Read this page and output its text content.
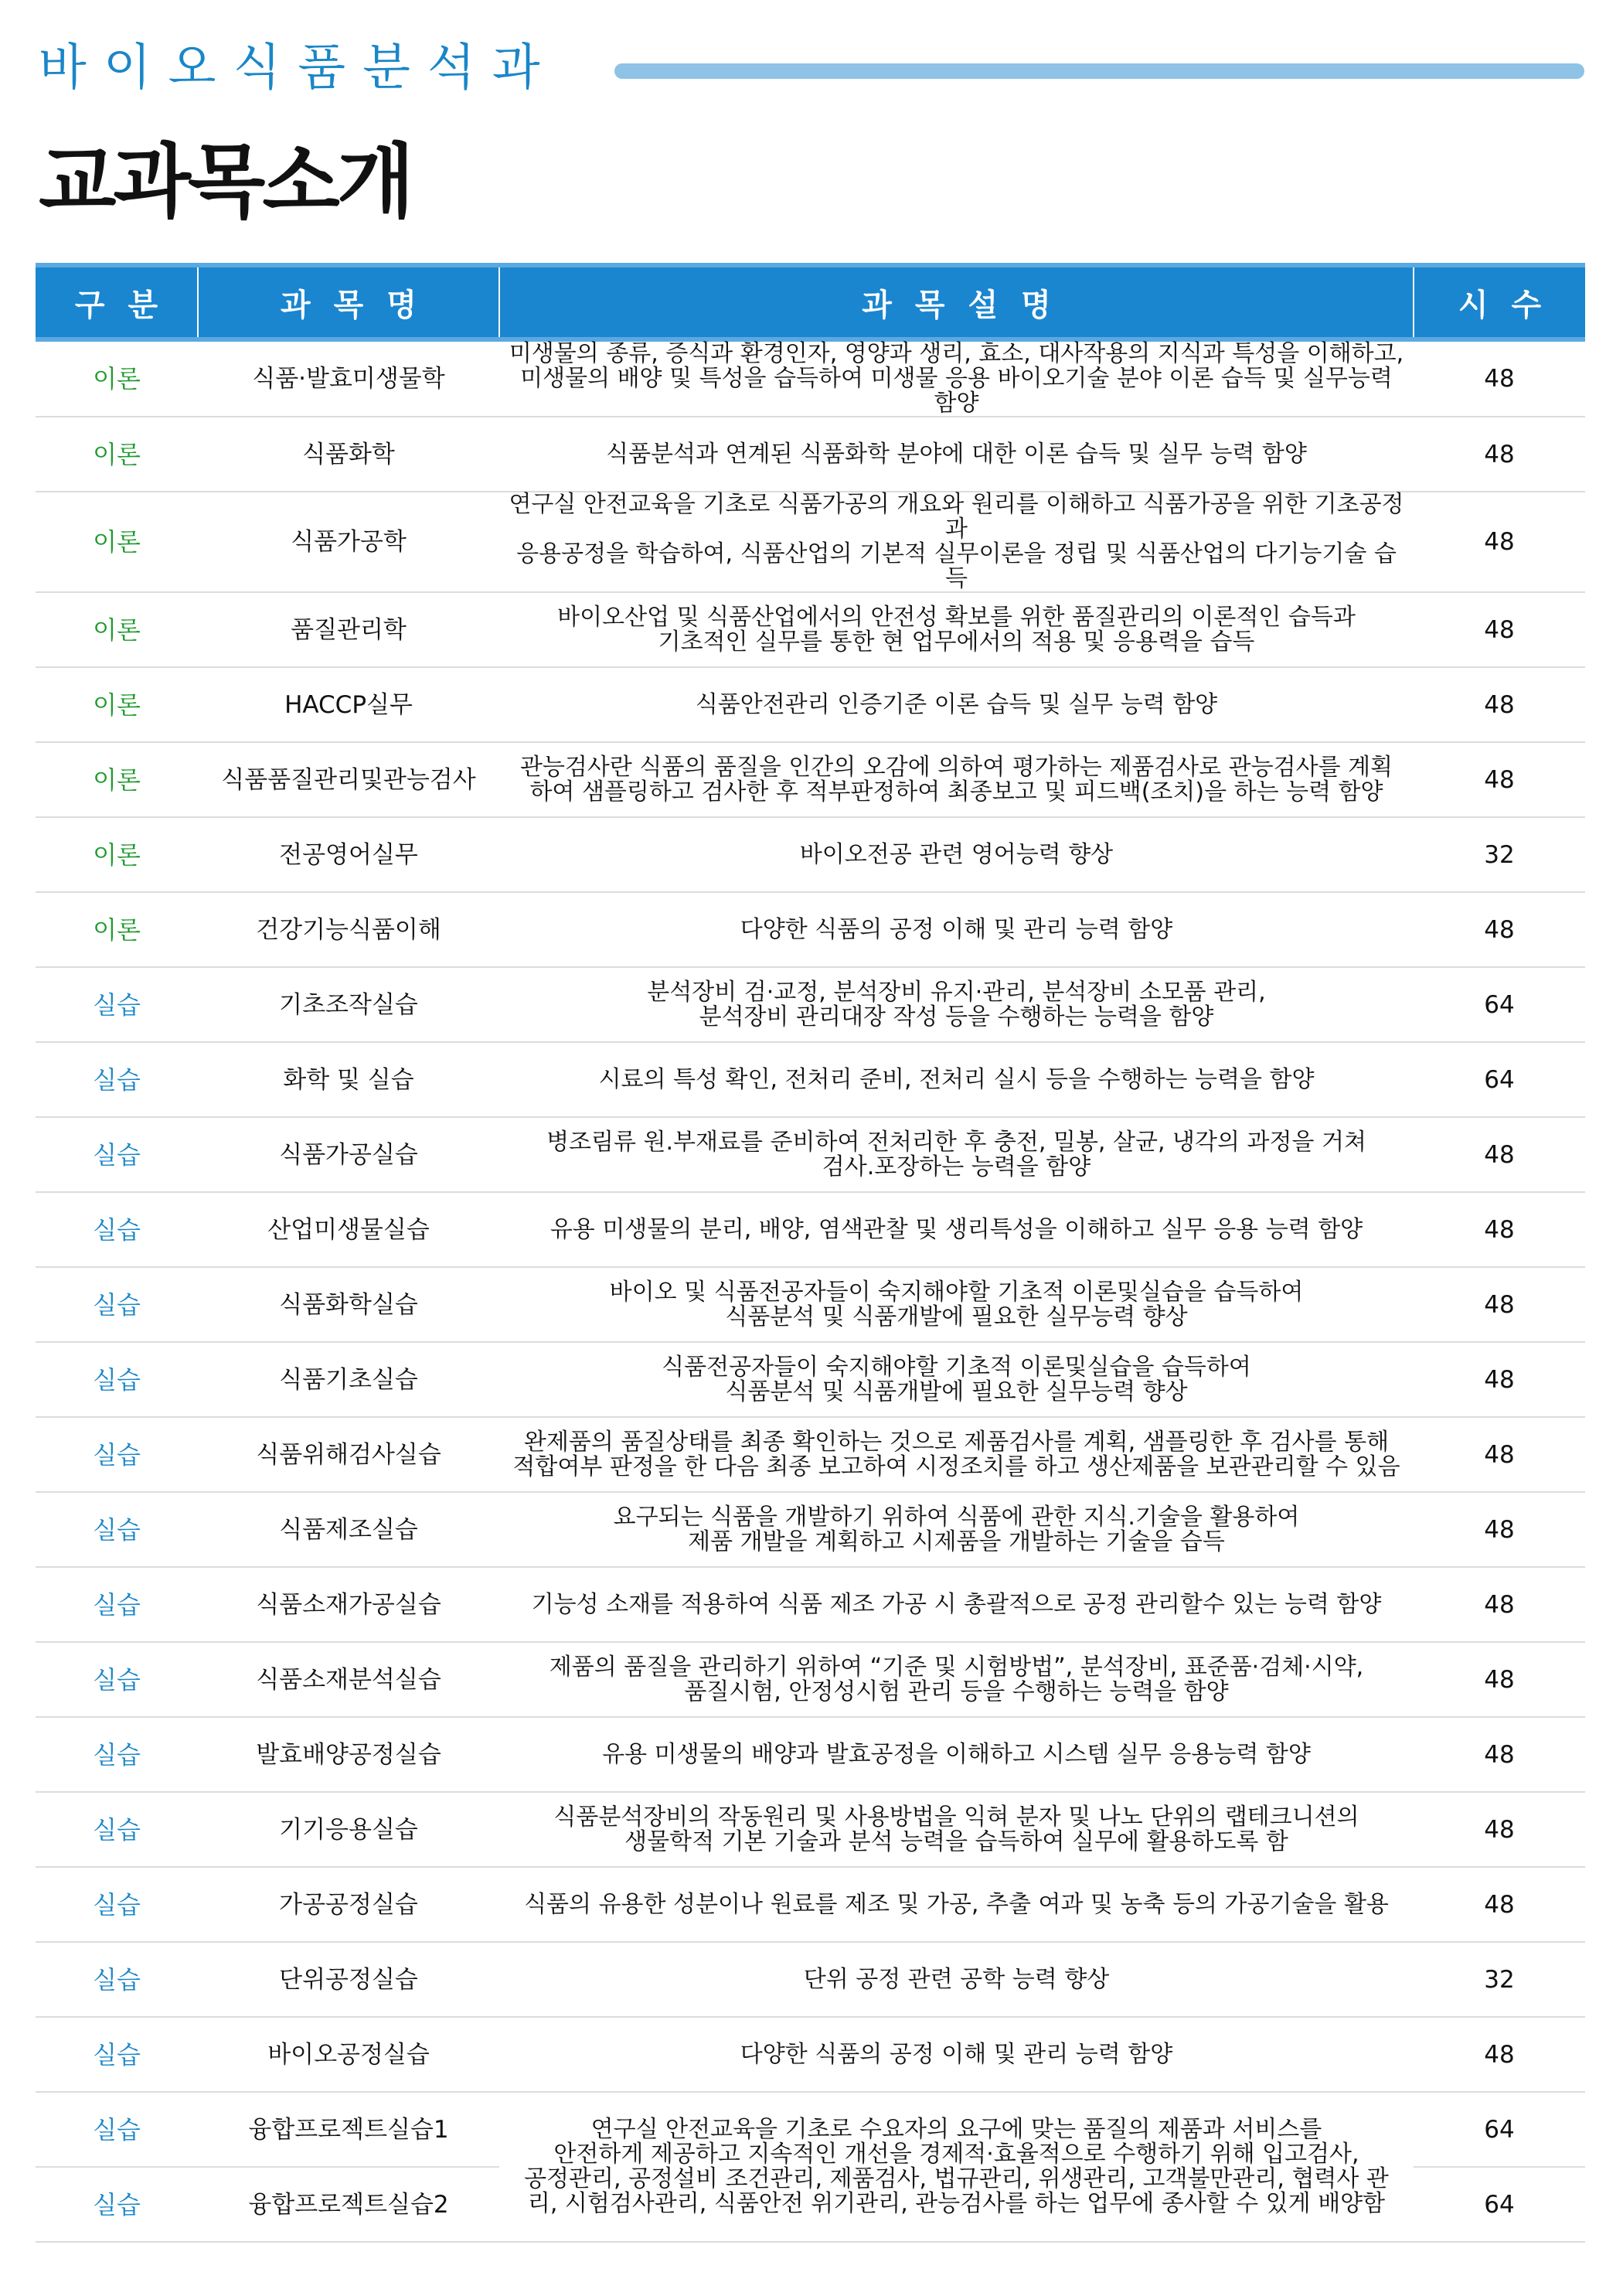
바이오식품분석과
교과목소개
구분	과목명	과목설명	시수
이론	식품·발효미생물학	미생물의 종류, 증식과 환경인자, 영양과 생리, 효소, 대사작용의 지식과 특성을 이해하고,
미생물의 배양 및 특성을 습득하여 미생물 응용 바이오기술 분야 이론 습득 및 실무능력 함양	48
이론	식품화학	식품분석과 연계된 식품화학 분야에 대한 이론 습득 및 실무 능력 함양	48
이론	식품가공학	연구실 안전교육을 기초로 식품가공의 개요와 원리를 이해하고 식품가공을 위한 기초공정과
응용공정을 학습하여, 식품산업의 기본적 실무이론을 정립 및 식품산업의 다기능기술 습득	48
이론	품질관리학	바이오산업 및 식품산업에서의 안전성 확보를 위한 품질관리의 이론적인 습득과
기초적인 실무를 통한 현 업무에서의 적용 및 응용력을 습득	48
이론	HACCP실무	식품안전관리 인증기준 이론 습득 및 실무 능력 함양	48
이론	식품품질관리및관능검사	관능검사란 식품의 품질을 인간의 오감에 의하여 평가하는 제품검사로 관능검사를 계획
하여 샘플링하고 검사한 후 적부판정하여 최종보고 및 피드백(조치)을 하는 능력 함양	48
이론	전공영어실무	바이오전공 관련 영어능력 향상	32
이론	건강기능식품이해	다양한 식품의 공정 이해 및 관리 능력 함양	48
실습	기초조작실습	분석장비 검·교정, 분석장비 유지·관리, 분석장비 소모품 관리,
분석장비 관리대장 작성 등을 수행하는 능력을 함양	64
실습	화학 및 실습	시료의 특성 확인, 전처리 준비, 전처리 실시 등을 수행하는 능력을 함양	64
실습	식품가공실습	병조림류 원.부재료를 준비하여 전처리한 후 충전, 밀봉, 살균, 냉각의 과정을 거쳐
검사.포장하는 능력을 함양	48
실습	산업미생물실습	유용 미생물의 분리, 배양, 염색관찰 및 생리특성을 이해하고 실무 응용 능력 함양	48
실습	식품화학실습	바이오 및 식품전공자들이 숙지해야할 기초적 이론및실습을 습득하여
식품분석 및 식품개발에 필요한 실무능력 향상	48
실습	식품기초실습	식품전공자들이 숙지해야할 기초적 이론및실습을 습득하여
식품분석 및 식품개발에 필요한 실무능력 향상	48
실습	식품위해검사실습	완제품의 품질상태를 최종 확인하는 것으로 제품검사를 계획, 샘플링한 후 검사를 통해
적합여부 판정을 한 다음 최종 보고하여 시정조치를 하고 생산제품을 보관관리할 수 있음	48
실습	식품제조실습	요구되는 식품을 개발하기 위하여 식품에 관한 지식.기술을 활용하여
제품 개발을 계획하고 시제품을 개발하는 기술을 습득	48
실습	식품소재가공실습	기능성 소재를 적용하여 식품 제조 가공 시 총괄적으로 공정 관리할수 있는 능력 함양	48
실습	식품소재분석실습	제품의 품질을 관리하기 위하여 “기준 및 시험방법”, 분석장비, 표준품·검체·시약,
품질시험, 안정성시험 관리 등을 수행하는 능력을 함양	48
실습	발효배양공정실습	유용 미생물의 배양과 발효공정을 이해하고 시스템 실무 응용능력 함양	48
실습	기기응용실습	식품분석장비의 작동원리 및 사용방법을 익혀 분자 및 나노 단위의 랩테크니션의
생물학적 기본 기술과 분석 능력을 습득하여 실무에 활용하도록 함	48
실습	가공공정실습	식품의 유용한 성분이나 원료를 제조 및 가공, 추출 여과 및 농축 등의 가공기술을 활용	48
실습	단위공정실습	단위 공정 관련 공학 능력 향상	32
실습	바이오공정실습	다양한 식품의 공정 이해 및 관리 능력 함양	48
실습	융합프로젝트실습1	연구실 안전교육을 기초로 수요자의 요구에 맞는 품질의 제품과 서비스를
안전하게 제공하고 지속적인 개선을 경제적·효율적으로 수행하기 위해 입고검사,
공정관리, 공정설비 조건관리, 제품검사, 법규관리, 위생관리, 고객불만관리, 협력사 관
리, 시험검사관리, 식품안전 위기관리, 관능검사를 하는 업무에 종사할 수 있게 배양함	64
실습	융합프로젝트실습2		64
